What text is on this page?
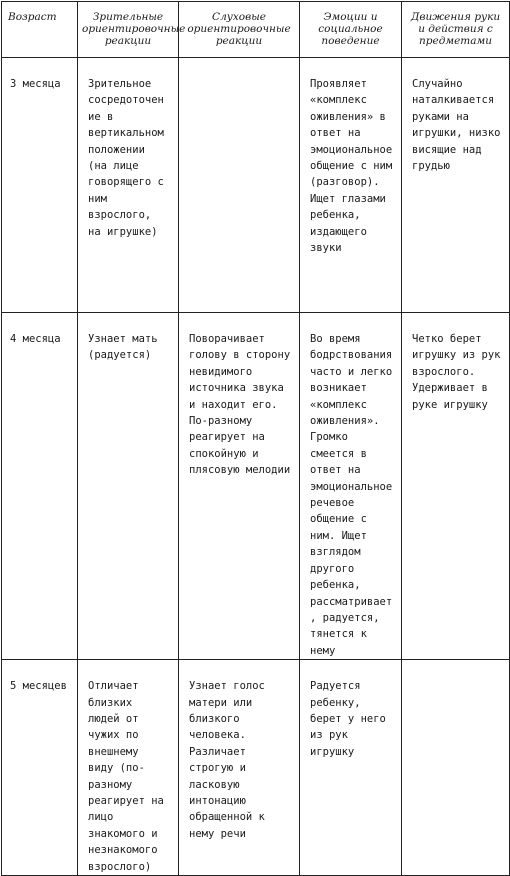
Возраст	Зрительные ориентировочные реакции	Слуховые ориентировочные реакции	Эмоции и социальное поведение	Движения руки и действия с предметами
3 месяца	Зрительное сосредоточение в вертикальном положении (на лице говорящего с ним взрослого, на игрушке)		Проявляет «комплекс оживления» в ответ на эмоциональное общение с ним (разговор). Ищет глазами ребенка, издающего звуки	Случайно наталкивается руками на игрушки, низко висящие над грудью
4 месяца	Узнает мать (радуется)	Поворачивает голову в сторону невидимого источника звука и находит его. По-разному реагирует на спокойную и плясовую мелодии	Во время бодрствования часто и легко возникает «комплекс оживления». Громко смеется в ответ на эмоциональное речевое общение с ним. Ищет взглядом другого ребенка, рассматривает, радуется, тянется к нему	Четко берет игрушку из рук взрослого. Удерживает в руке игрушку
5 месяцев	Отличает близких людей от чужих по внешнему виду (по-разному реагирует на лицо знакомого и незнакомого взрослого)	Узнает голос матери или близкого человека. Различает строгую и ласковую интонацию обращенной к нему речи	Радуется ребенку, берет у него из рук игрушку	
